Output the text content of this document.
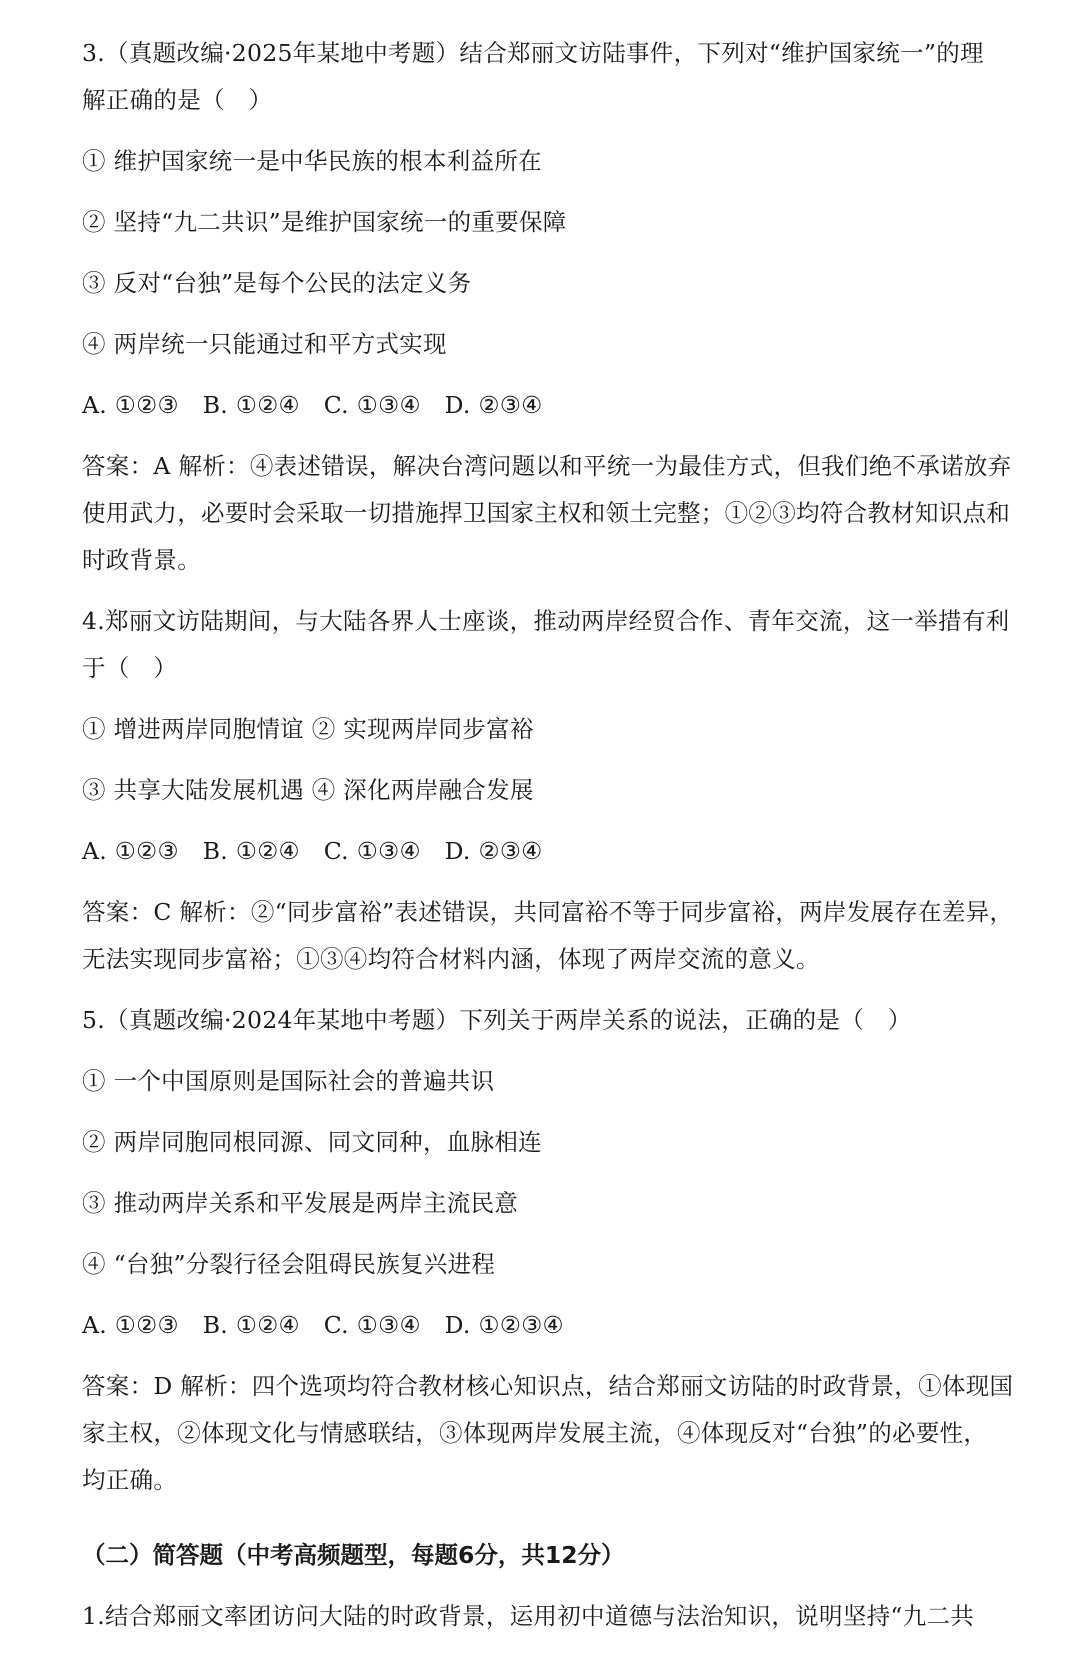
3.（真题改编·2025年某地中考题）结合郑丽文访陆事件，下列对“维护国家统一”的理
解正确的是（　）
① 维护国家统一是中华民族的根本利益所在
② 坚持“九二共识”是维护国家统一的重要保障
③ 反对“台独”是每个公民的法定义务
④ 两岸统一只能通过和平方式实现
A. ①②③　B. ①②④　C. ①③④　D. ②③④
答案：A 解析：④表述错误，解决台湾问题以和平统一为最佳方式，但我们绝不承诺放弃
使用武力，必要时会采取一切措施捍卫国家主权和领土完整；①②③均符合教材知识点和
时政背景。
4.郑丽文访陆期间，与大陆各界人士座谈，推动两岸经贸合作、青年交流，这一举措有利
于（　）
① 增进两岸同胞情谊 ② 实现两岸同步富裕
③ 共享大陆发展机遇 ④ 深化两岸融合发展
A. ①②③　B. ①②④　C. ①③④　D. ②③④
答案：C 解析：②“同步富裕”表述错误，共同富裕不等于同步富裕，两岸发展存在差异，
无法实现同步富裕；①③④均符合材料内涵，体现了两岸交流的意义。
5.（真题改编·2024年某地中考题）下列关于两岸关系的说法，正确的是（　）
① 一个中国原则是国际社会的普遍共识
② 两岸同胞同根同源、同文同种，血脉相连
③ 推动两岸关系和平发展是两岸主流民意
④ “台独”分裂行径会阻碍民族复兴进程
A. ①②③　B. ①②④　C. ①③④　D. ①②③④
答案：D 解析：四个选项均符合教材核心知识点，结合郑丽文访陆的时政背景，①体现国
家主权，②体现文化与情感联结，③体现两岸发展主流，④体现反对“台独”的必要性，
均正确。
（二）简答题（中考高频题型，每题6分，共12分）
1.结合郑丽文率团访问大陆的时政背景，运用初中道德与法治知识，说明坚持“九二共
